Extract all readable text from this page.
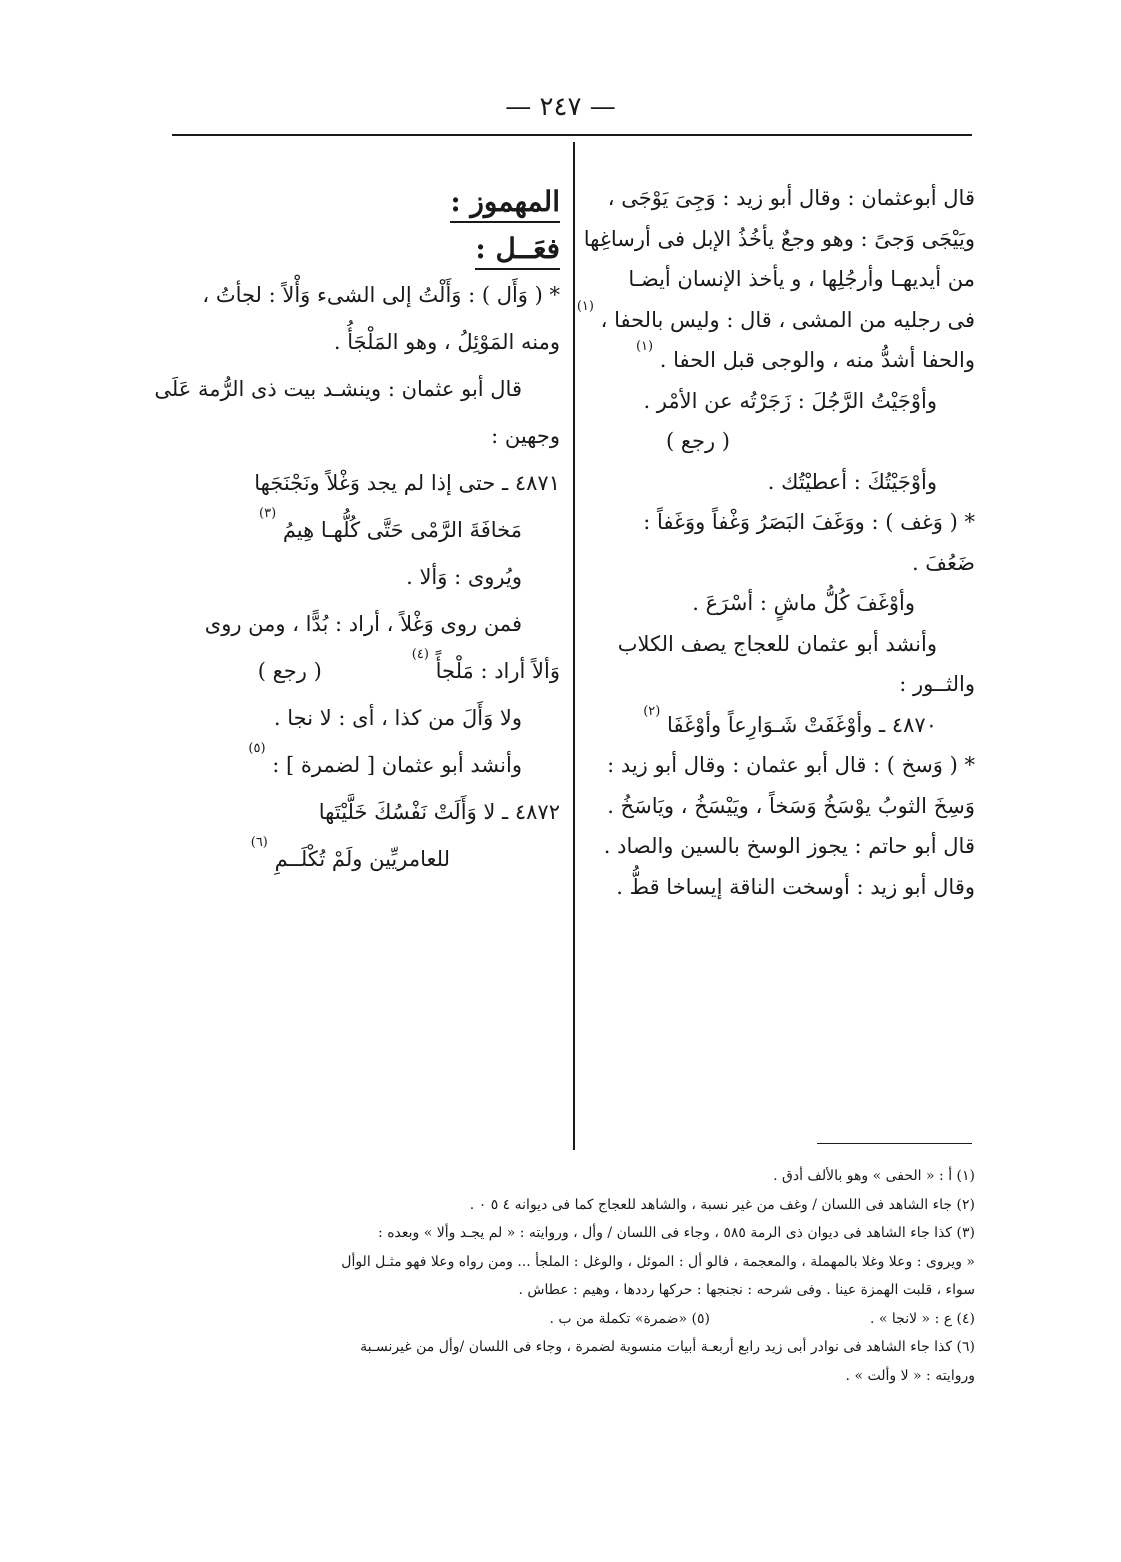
— ٢٤٧ —
قال أبوعثمان : وقال أبو زيد : وَجِىَ يَوْجَى ،
ويَيْجَى وَجىً : وهو وجعٌ يأخُذُ الإبل فى أرساغِها
من أيديهـا وأرجُلِها ، و يأخذ الإنسان أيضـا
فى رجليه من المشى ، قال : وليس بالحفا ، (١)
والحفا أشدُّ منه ، والوجى قبل الحفا . (١)
وأوْجَيْتُ الرَّجُلَ : زَجَرْتُه عن الأمْر .
( رجع )
وأوْجَيْتُكَ : أعطيْتُك .
* ( وَغف ) : ووَغَفَ البَصَرُ وَغْفاً ووَغَفاً :
ضَعُفَ .
وأوْغَفَ كُلُّ ماشٍ : أسْرَعَ .
وأنشد أبو عثمان للعجاج يصف الكلاب
والثــور :
٤٨٧٠ ـ وأوْغَفَتْ شَـوَارِعاً وأوْغَفَا (٢)
* ( وَسخ ) : قال أبو عثمان : وقال أبو زيد :
وَسِخَ الثوبُ يوْسَخُ وَسَخاً ، ويَيْسَخُ ، ويَاسَخُ .
قال أبو حاتم : يجوز الوسخ بالسين والصاد .
وقال أبو زيد : أوسخت الناقة إيساخا قطُّ .
المهموز :
فعَــل :
* ( وَأَل ) : وَأَلْتُ إلى الشىء وَأْلاً : لجأتُ ،
ومنه المَوْئِلُ ، وهو المَلْجَأُ .
قال أبو عثمان : وينشـد بيت ذى الرُّمة عَلَى
وجهين :
٤٨٧١ ـ حتى إذا لم يجد وَغْلاً ونَجْنَجَها
مَخافَةَ الرَّمْى حَتَّى كُلُّهـا هِيمُ (٣)
ويُروى : وَألا .
فمن روى وَغْلاً ، أراد : بُدًّا ، ومن روى
وَألاً أراد : مَلْجأً (٤)( رجع )
ولا وَأَلَ من كذا ، أى : لا نجا .
وأنشد أبو عثمان [ لضمرة ] : (٥)
٤٨٧٢ ـ لا وَأَلَتْ نَفْسُكَ خَلَّيْتَها
للعامريِّين ولَمْ تُكْلَــمِ (٦)
(١) أ : « الحفى » وهو بالألف أدق .
(٢) جاء الشاهد فى اللسان / وغف من غير نسبة ، والشاهد للعجاج كما فى ديوانه ٤ ٥ ٠ .
(٣) كذا جاء الشاهد فى ديوان ذى الرمة ٥٨٥ ، وجاء فى اللسان / وأل ، وروايته : « لم يجـد وألا » وبعده :
« ويروى : وعلا وغلا بالمهملة ، والمعجمة ، فالو أل : الموئل ، والوغل : الملجأ ... ومن رواه وعلا فهو مثـل الوأل
سواء ، قلبت الهمزة عينا . وفى شرحه : نجنجها : حركها رددها ، وهيم : عطاش .
(٤) ع : « لانجا » .(٥) «ضمرة» تكملة من ب .
(٦) كذا جاء الشاهد فى نوادر أبى زيد رابع أربعـة أبيات منسوبة لضمرة ، وجاء فى اللسان /وأل من غيرنسـبة
وروايته : « لا وألت » .
